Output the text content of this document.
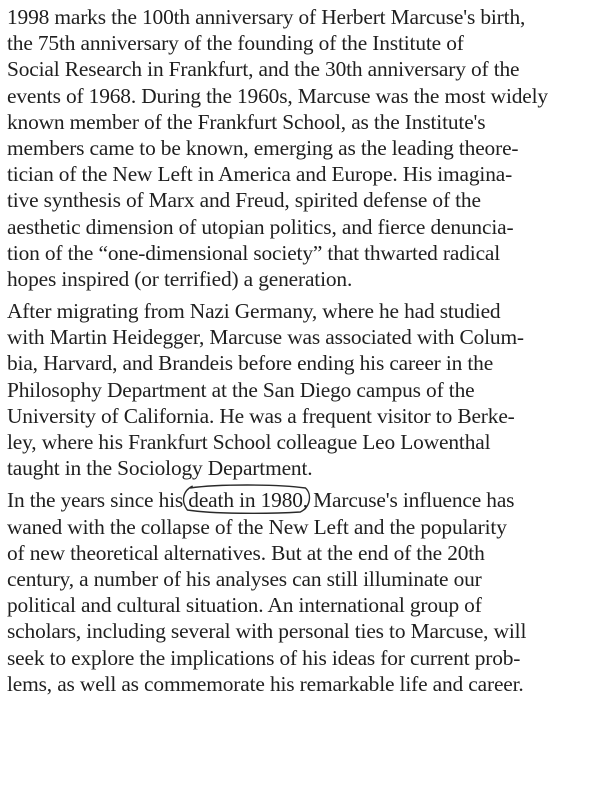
1998 marks the 100th anniversary of Herbert Marcuse's birth,
the 75th anniversary of the founding of the Institute of
Social Research in Frankfurt, and the 30th anniversary of the
events of 1968. During the 1960s, Marcuse was the most widely
known member of the Frankfurt School, as the Institute's
members came to be known, emerging as the leading theore-
tician of the New Left in America and Europe. His imagina-
tive synthesis of Marx and Freud, spirited defense of the
aesthetic dimension of utopian politics, and fierce denuncia-
tion of the “one-dimensional society” that thwarted radical
hopes inspired (or terrified) a generation.
After migrating from Nazi Germany, where he had studied
with Martin Heidegger, Marcuse was associated with Colum-
bia, Harvard, and Brandeis before ending his career in the
Philosophy Department at the San Diego campus of the
University of California. He was a frequent visitor to Berke-
ley, where his Frankfurt School colleague Leo Lowenthal
taught in the Sociology Department.
In the years since his
death in 1980, Marcuse's influence has
waned with the collapse of the New Left and the popularity
of new theoretical alternatives. But at the end of the 20th
century, a number of his analyses can still illuminate our
political and cultural situation. An international group of
scholars, including several with personal ties to Marcuse, will
seek to explore the implications of his ideas for current prob-
lems, as well as commemorate his remarkable life and career.
